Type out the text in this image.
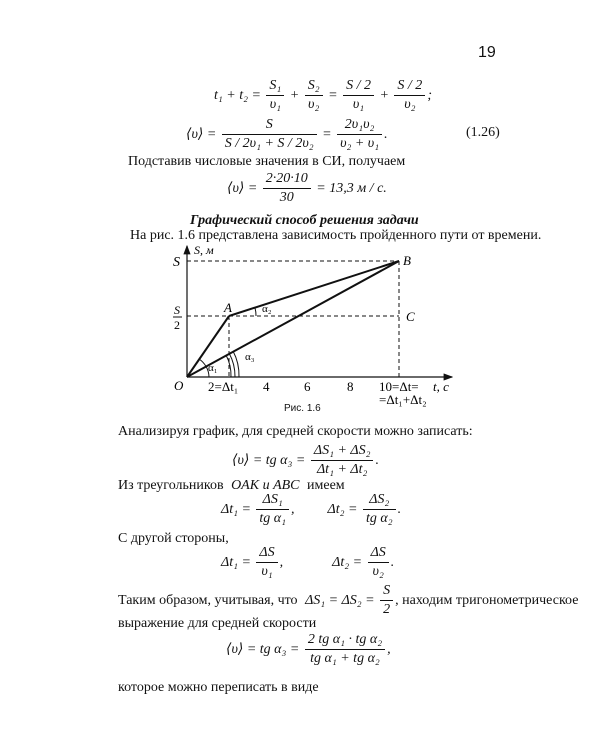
19
$t_1 + t_2 = \frac{\text{S₁}}{\text{υ₁}} + \frac{\text{S₂}}{\text{υ₂}} = \frac{S / 2}{\text{υ₁}} + \frac{S / 2}{\text{υ₂}}$ ;
⟨υ⟩ = $\frac{S}{\text{S / 2υ₁ + S / 2υ₂}} = \frac{\text{2υ₁υ₂}}{\text{υ₂ + υ₁}}$ .	(1.26)
Подставив числовые значения в СИ, получаем
⟨υ⟩ = $\frac{2\cdot 20\cdot 10}{30} = 13,3$ м / с.
Графический способ решения задачи
На рис. 1.6 представлена зависимость пройденного пути от времени.
2=Δt₁ 4	6	8 10=Δt=
=Δt₁+Δt₂
t, c
S, м
S
S
2
O
A
B
C
α₁
α₃
α₂
Рис. 1.6
Анализируя график, для средней скорости можно записать:
⟨υ⟩ = tg $\alpha_3 = \frac{\text{ΔS₁ + ΔS₂}}{\text{Δt₁ + Δt₂}}$ .
Из треугольников OAK и ABC имеем
$\Delta t_1 = \frac{\text{ΔS₁}}{\text{tg α₁}}$ , $\Delta t_2 = \frac{\text{ΔS₂}}{\text{tg α₂}}$ .
С другой стороны,
$\Delta t_1 = \frac{\Delta S}{\text{υ₁}}$ ,	$\Delta t_2 = \frac{\Delta S}{\text{υ₂}}$ .
Таким образом, учитывая, что $\Delta S_1 = \Delta S_2 = \frac{S}{2}$ , находим тригонометрическое
выражение для средней скорости
⟨υ⟩ = tg $\alpha_3 = \frac{\text{2 tg α₁ · tg α₂}}{\text{tg α₁ + tg α₂}}$ ,
которое можно переписать в виде
